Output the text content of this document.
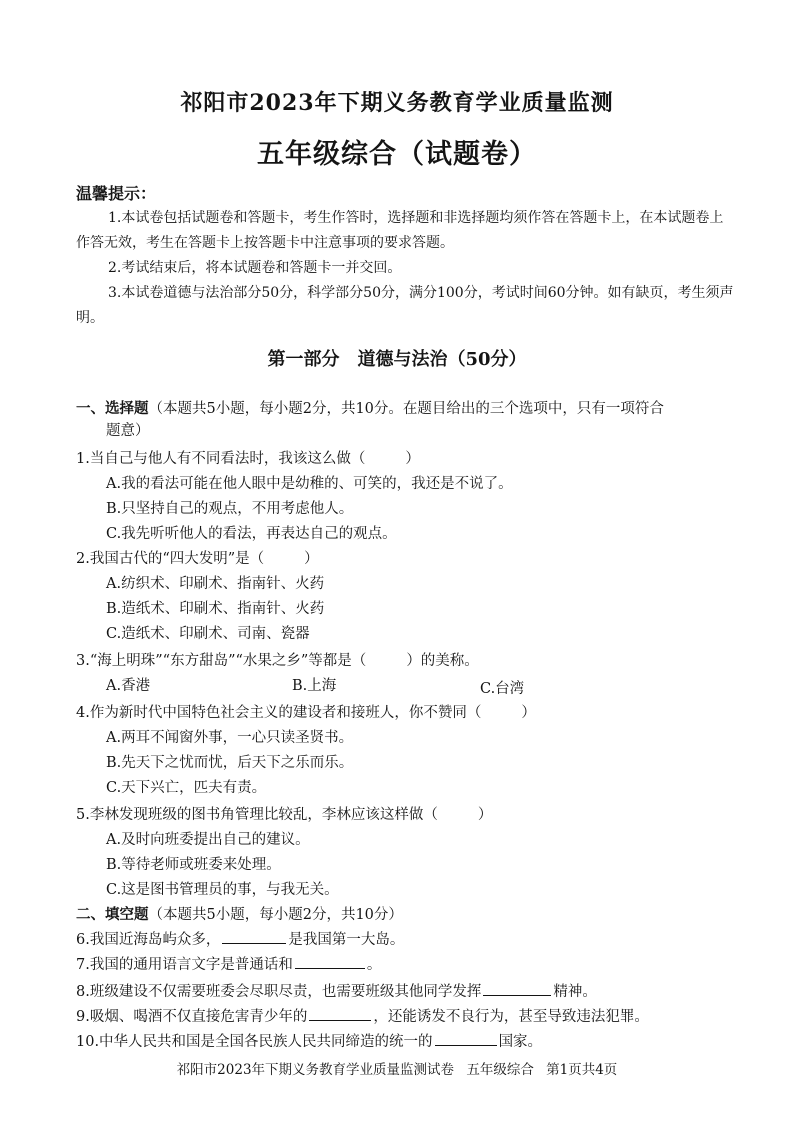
祁阳市2023年下期义务教育学业质量监测
五年级综合（试题卷）
温馨提示：
1.本试卷包括试题卷和答题卡，考生作答时，选择题和非选择题均须作答在答题卡上，在本试题卷上作答无效，考生在答题卡上按答题卡中注意事项的要求答题。
2.考试结束后，将本试题卷和答题卡一并交回。
3.本试卷道德与法治部分50分，科学部分50分，满分100分，考试时间60分钟。如有缺页，考生须声明。
第一部分　道德与法治（50分）
一、选择题（本题共5小题，每小题2分，共10分。在题目给出的三个选项中，只有一项符合
题意）
1.当自己与他人有不同看法时，我该这么做（	）
A.我的看法可能在他人眼中是幼稚的、可笑的，我还是不说了。
B.只坚持自己的观点，不用考虑他人。
C.我先听听他人的看法，再表达自己的观点。
2.我国古代的“四大发明”是（	）
A.纺织术、印刷术、指南针、火药
B.造纸术、印刷术、指南针、火药
C.造纸术、印刷术、司南、瓷器
3.“海上明珠”“东方甜岛”“水果之乡”等都是（	）的美称。
A.香港	B.上海	C.台湾
4.作为新时代中国特色社会主义的建设者和接班人，你不赞同（	）
A.两耳不闻窗外事，一心只读圣贤书。
B.先天下之忧而忧，后天下之乐而乐。
C.天下兴亡，匹夫有责。
5.李林发现班级的图书角管理比较乱，李林应该这样做（	）
A.及时向班委提出自己的建议。
B.等待老师或班委来处理。
C.这是图书管理员的事，与我无关。
二、填空题（本题共5小题，每小题2分，共10分）
6.我国近海岛屿众多，	是我国第一大岛。
7.我国的通用语言文字是普通话和	。
8.班级建设不仅需要班委会尽职尽责，也需要班级其他同学发挥	精神。
9.吸烟、喝酒不仅直接危害青少年的	，还能诱发不良行为，甚至导致违法犯罪。
10.中华人民共和国是全国各民族人民共同缔造的统一的	国家。
祁阳市2023年下期义务教育学业质量监测试卷 五年级综合 第1页共4页
